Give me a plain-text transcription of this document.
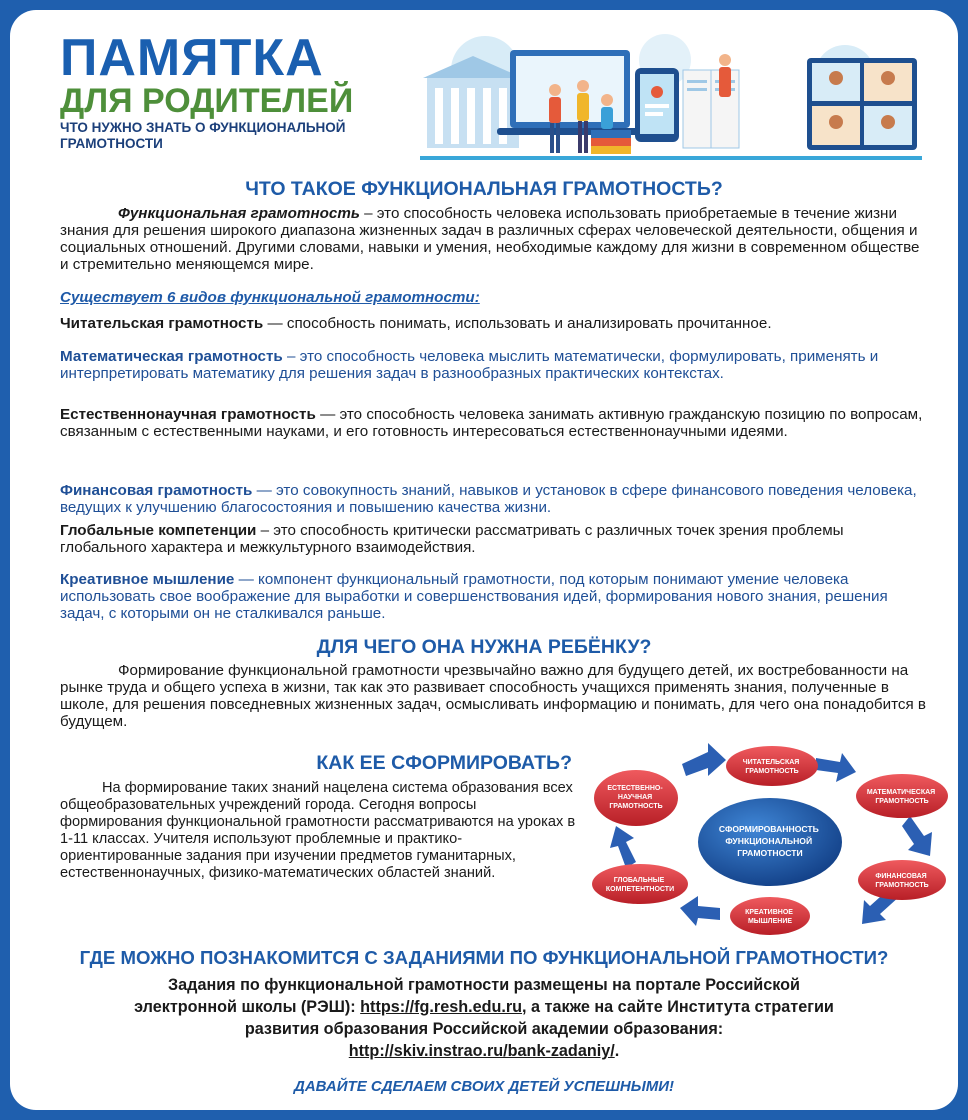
ПАМЯТКА
ДЛЯ РОДИТЕЛЕЙ
ЧТО НУЖНО ЗНАТЬ О ФУНКЦИОНАЛЬНОЙ ГРАМОТНОСТИ
ЧТО ТАКОЕ ФУНКЦИОНАЛЬНАЯ ГРАМОТНОСТЬ?

Функциональная грамотность – это способность человека использовать приобретаемые в течение жизни знания для решения широкого диапазона жизненных задач в различных сферах человеческой деятельности, общения и социальных отношений. Другими словами, навыки и умения, необходимые каждому для жизни в современном обществе и стремительно меняющемся мире.

Существует 6 видов функциональной грамотности:

Читательская грамотность — способность понимать, использовать и анализировать прочитанное.

Математическая грамотность – это способность человека мыслить математически, формулировать, применять и интерпретировать математику для решения задач в разнообразных практических контекстах.

Естественнонаучная грамотность — это способность человека занимать активную гражданскую позицию по вопросам, связанным с естественными науками, и его готовность интересоваться естественнонаучными идеями.

Финансовая грамотность — это совокупность знаний, навыков и установок в сфере финансового поведения человека, ведущих к улучшению благосостояния и повышению качества жизни.

Глобальные компетенции – это способность критически рассматривать с различных точек зрения проблемы глобального характера и межкультурного взаимодействия.

Креативное мышление — компонент функциональный грамотности, под которым понимают умение человека использовать свое воображение для выработки и совершенствования идей, формирования нового знания, решения задач, с которыми он не сталкивался раньше.

ДЛЯ ЧЕГО ОНА НУЖНА РЕБЁНКУ?

Формирование функциональной грамотности чрезвычайно важно для будущего детей, их востребованности на рынке труда и общего успеха в жизни, так как это развивает способность учащихся применять знания, полученные в школе, для решения повседневных жизненных задач, осмысливать информацию и понимать, для чего она понадобится в будущем.

КАК ЕЕ СФОРМИРОВАТЬ?

На формирование таких знаний нацелена система образования всех общеобразовательных учреждений города. Сегодня вопросы формирования функциональной грамотности рассматриваются на уроках в 1-11 классах. Учителя используют проблемные и практико-ориентированные задания при изучении предметов гуманитарных, естественнонаучных, физико-математических областей знаний.

СФОРМИРОВАННОСТЬ ФУНКЦИОНАЛЬНОЙ ГРАМОТНОСТИ
ЧИТАТЕЛЬСКАЯ ГРАМОТНОСТЬ
МАТЕМАТИЧЕСКАЯ ГРАМОТНОСТЬ
ФИНАНСОВАЯ ГРАМОТНОСТЬ
КРЕАТИВНОЕ МЫШЛЕНИЕ
ГЛОБАЛЬНЫЕ КОМПЕТЕНТНОСТИ
ЕСТЕСТВЕННО- НАУЧНАЯ ГРАМОТНОСТЬ
ГДЕ МОЖНО ПОЗНАКОМИТСЯ С ЗАДАНИЯМИ ПО ФУНКЦИОНАЛЬНОЙ ГРАМОТНОСТИ?
Задания по функциональной грамотности размещены на портале Российской
электронной школы (РЭШ): https://fg.resh.edu.ru, а также на сайте Института стратегии
развития образования Российской академии образования:
http://skiv.instrao.ru/bank-zadaniy/.
ДАВАЙТЕ СДЕЛАЕМ СВОИХ ДЕТЕЙ УСПЕШНЫМИ!
